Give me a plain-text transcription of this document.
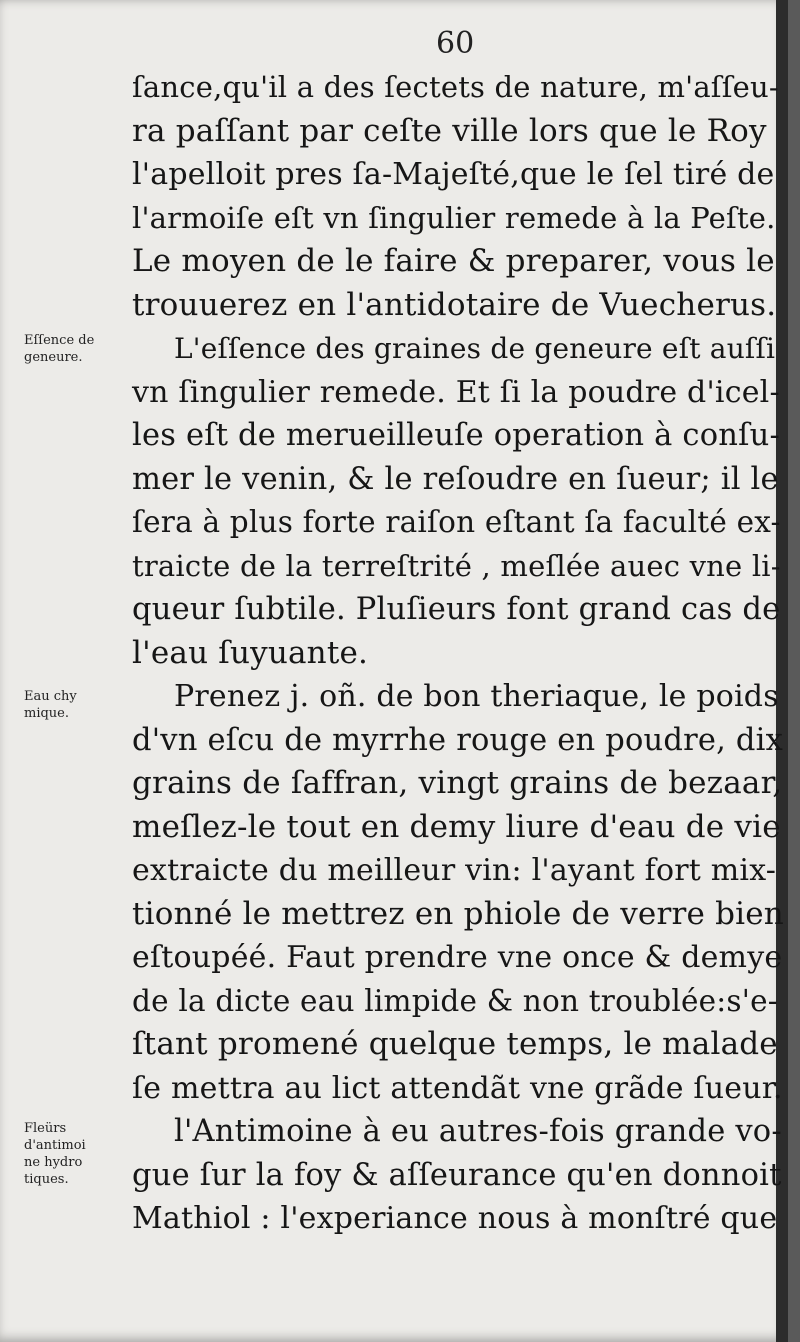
60
Eſſence de
geneure.
Eau chy
mique.
Fleürs
d'antimoi
ne hydro
tiques.
ſance,qu'il a des ſectets de nature, m'aſſeu-
ra paſſant par ceſte ville lors que le Roy
l'apelloit pres ſa-Majeſté,que le ſel tiré de
l'armoiſe eſt vn ſingulier remede à la Peſte.
Le moyen de le faire & preparer, vous le
trouuerez en l'antidotaire de Vuecherus.
L'eſſence des graines de geneure eſt auſſi
vn ſingulier remede. Et ſi la poudre d'icel-
les eſt de merueilleuſe operation à conſu-
mer le venin, & le reſoudre en ſueur; il le
ſera à plus forte raiſon eſtant ſa faculté ex-
traicte de la terreſtrité , meſlée auec vne li-
queur ſubtile. Pluſieurs font grand cas de
l'eau ſuyuante.
Prenez j. oñ. de bon theriaque, le poids
d'vn eſcu de myrrhe rouge en poudre, dix
grains de ſaffran, vingt grains de bezaar,
meſlez-le tout en demy liure d'eau de vie
extraicte du meilleur vin: l'ayant fort mix-
tionné le mettrez en phiole de verre bien
eſtoupéé. Faut prendre vne once & demye
de la dicte eau limpide & non troublée:s'e-
ſtant promené quelque temps, le malade
ſe mettra au lict attendãt vne grãde ſueur.
l'Antimoine à eu autres-fois grande vo-
gue ſur la foy & aſſeurance qu'en donnoit
Mathiol : l'experiance nous à monſtré que
